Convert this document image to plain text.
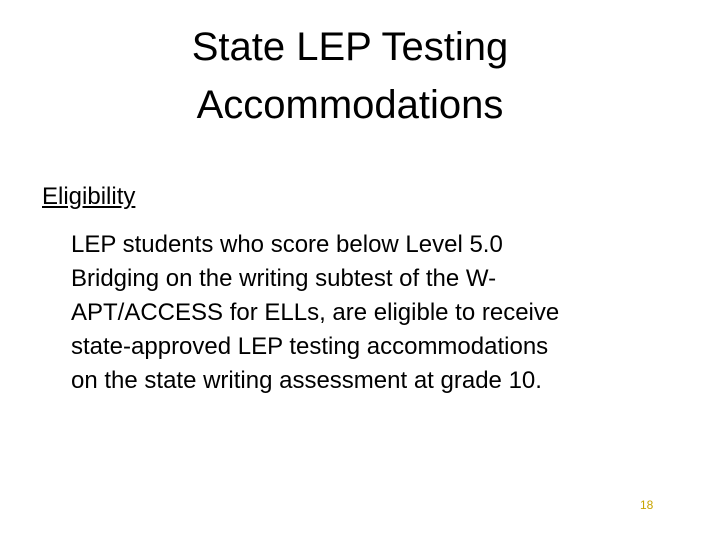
State LEP Testing
Accommodations
Eligibility
LEP students who score below Level 5.0
Bridging on the writing subtest of the W-
APT/ACCESS for ELLs, are eligible to receive
state-approved LEP testing accommodations
on the state writing assessment at grade 10.
18
